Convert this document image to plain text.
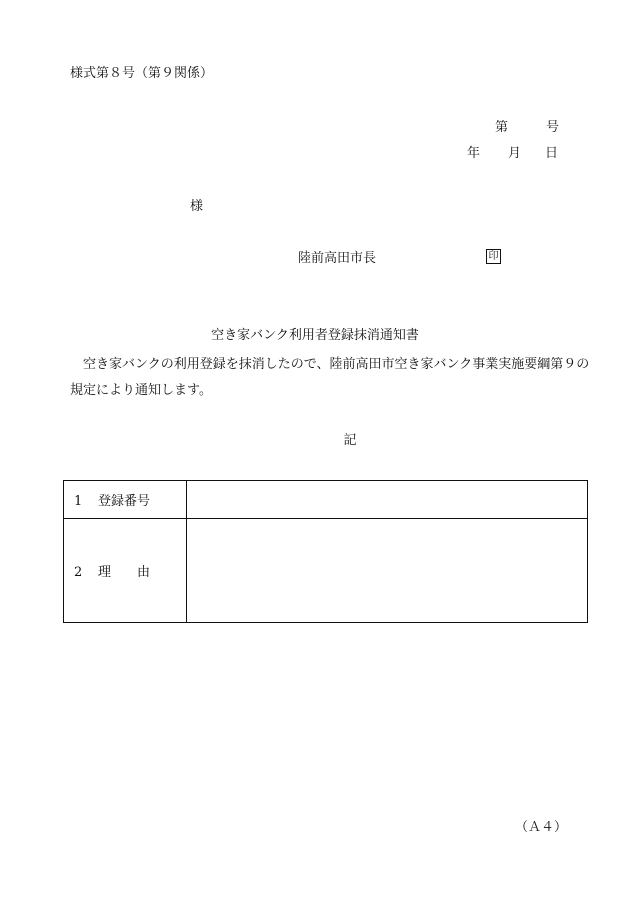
様式第８号（第９関係）
第	号
年 月 日
様
陸前高田市長	印
空き家バンク利用者登録抹消通知書
空き家バンクの利用登録を抹消したので、陸前高田市空き家バンク事業実施要綱第９の規定により通知します。
記
1 登録番号	
2 理 由	
（Ａ４）
